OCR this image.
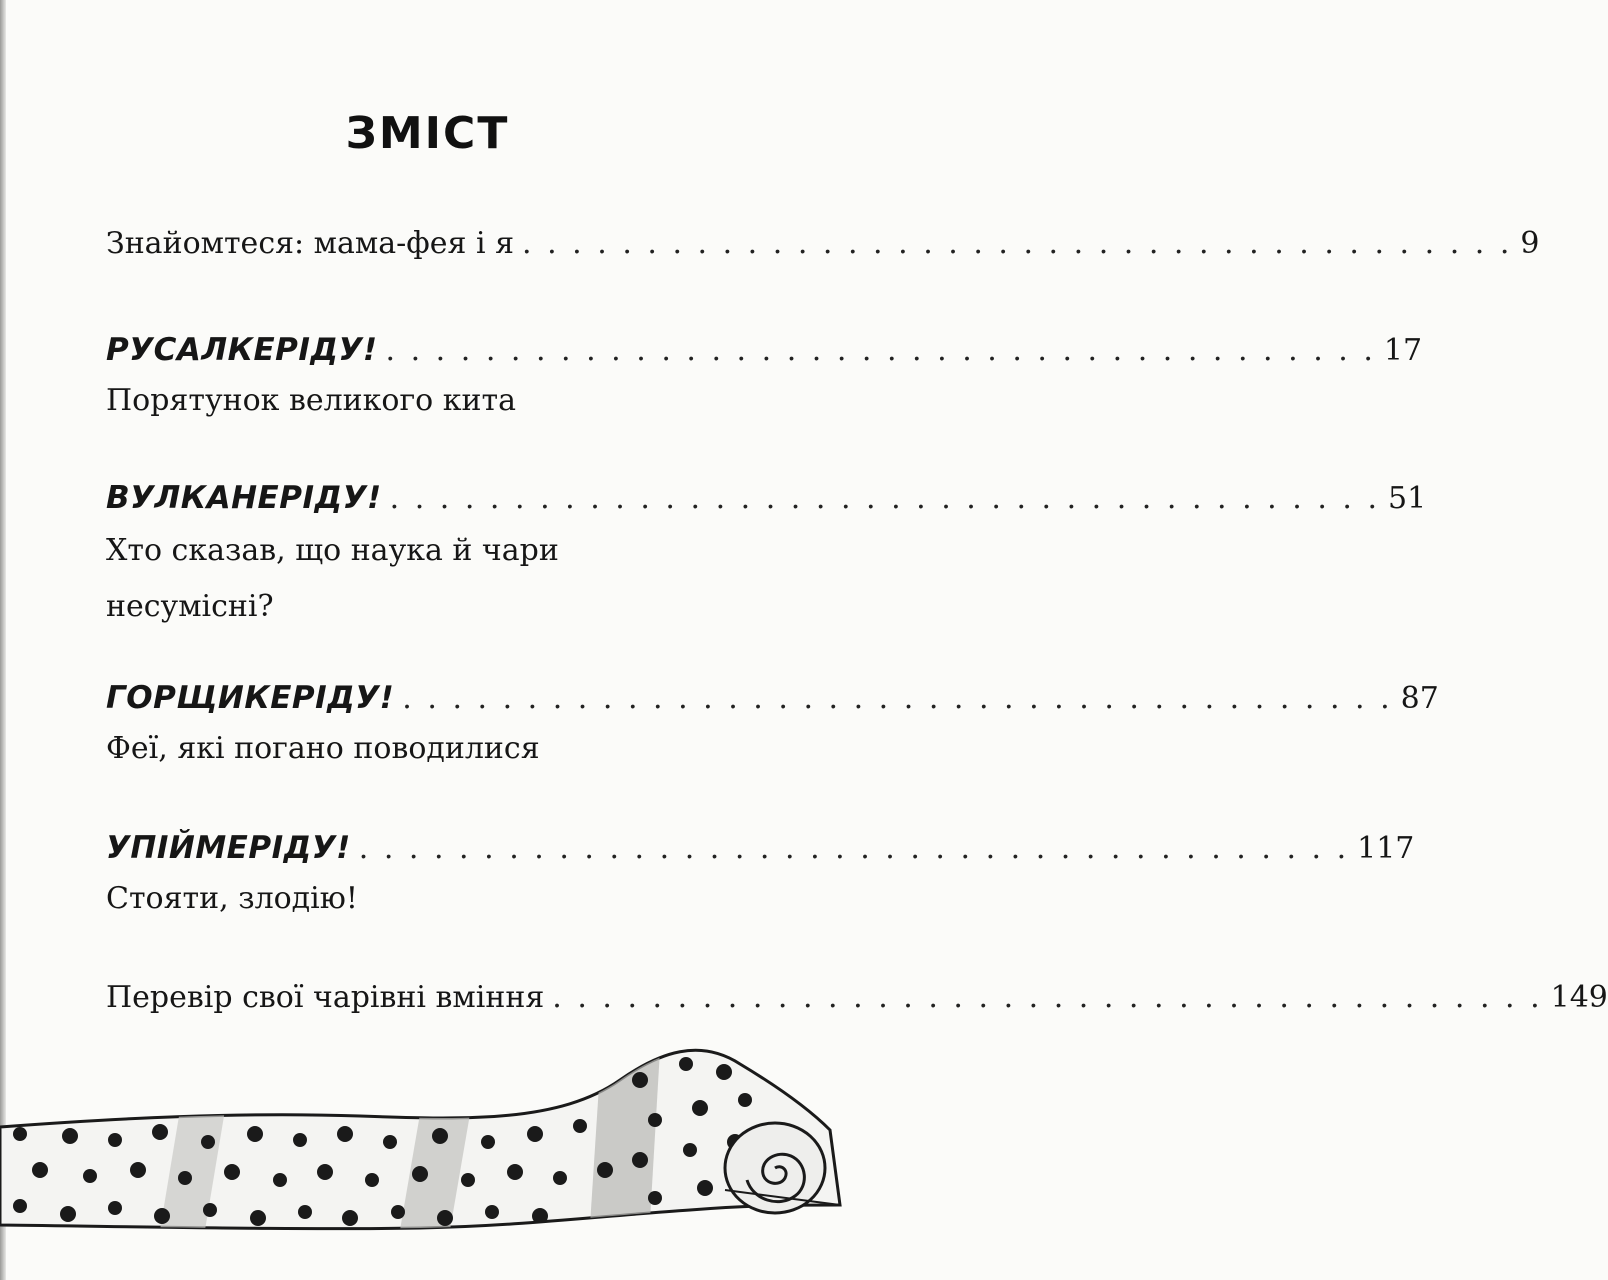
ЗМІСТ
Знайомтеся: мама-фея і я . . . . . . . . . . . . . . . . . . . . . . . . . . . . . . . . . . . . . . . . 9
РУСАЛКЕРІДУ! . . . . . . . . . . . . . . . . . . . . . . . . . . . . . . . . . . . . . . . . 17
Порятунок великого кита
ВУЛКАНЕРІДУ! . . . . . . . . . . . . . . . . . . . . . . . . . . . . . . . . . . . . . . . . 51
Хто сказав, що наука й чари несумісні?
ГОРЩИКЕРІДУ! . . . . . . . . . . . . . . . . . . . . . . . . . . . . . . . . . . . . . . . . 87
Феї, які погано поводилися
УПІЙМЕРІДУ! . . . . . . . . . . . . . . . . . . . . . . . . . . . . . . . . . . . . . . . . 117
Стояти, злодію!
Перевір свої чарівні вміння . . . . . . . . . . . . . . . . . . . . . . . . . . . . . . . . . . . . . . . . 149
